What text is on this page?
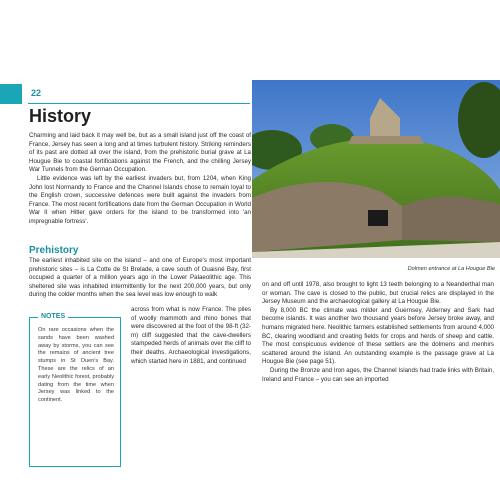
22
History

Charming and laid back it may well be, but as a small island just off the coast of France, Jersey has seen a long and at times turbulent history. Striking reminders of its past are dotted all over the island, from the prehistoric burial grave at La Hougue Bie to coastal fortifications against the French, and the chilling Jersey War Tunnels from the German Occupation.

Little evidence was left by the earliest invaders but, from 1204, when King John lost Normandy to France and the Channel Islands chose to remain loyal to the English crown, successive defences were built against the invaders from France. The most recent fortifications date from the German Occupation in World War II when Hitler gave orders for the island to be transformed into 'an impregnable fortress'.

Prehistory

The earliest inhabited site on the island – and one of Europe's most important prehistoric sites – is La Cotte de St Brelade, a cave south of Ouaisné Bay, first occupied a quarter of a million years ago in the Lower Palaeolithic age. This sheltered site was inhabited intermittently for the next 200,000 years, but only during the colder months when the sea level was low enough to walk

across from what is now France. The piles of woolly mammoth and rhino bones that were discovered at the foot of the 98-ft (32-m) cliff suggested that the cave-dwellers stampeded herds of animals over the cliff to their deaths. Archaeological investigations, which started here in 1881, and continued

NOTES
On rare occasions when the sands have been washed away by storms, you can see the remains of ancient tree stumps in St Ouen's Bay. These are the relics of an early Neolithic forest, probably dating from the time when Jersey was linked to the continent.
Dolmen entrance at La Hougue Bie

on and off until 1978, also brought to light 13 teeth belonging to a Neanderthal man or woman. The cave is closed to the public, but crucial relics are displayed in the Jersey Museum and the archaeological gallery at La Hougue Bie.

By 8,000 BC the climate was milder and Guernsey, Alderney and Sark had become islands. It was another two thousand years before Jersey broke away, and humans migrated here. Neolithic farmers established settlements from around 4,000 BC, clearing woodland and creating fields for crops and herds of sheep and cattle. The most conspicuous evidence of these settlers are the dolmens and menhirs scattered around the island. An outstanding example is the passage grave at La Hougue Bie (see page 51).

During the Bronze and Iron ages, the Channel Islands had trade links with Britain, Ireland and France – you can see an imported
